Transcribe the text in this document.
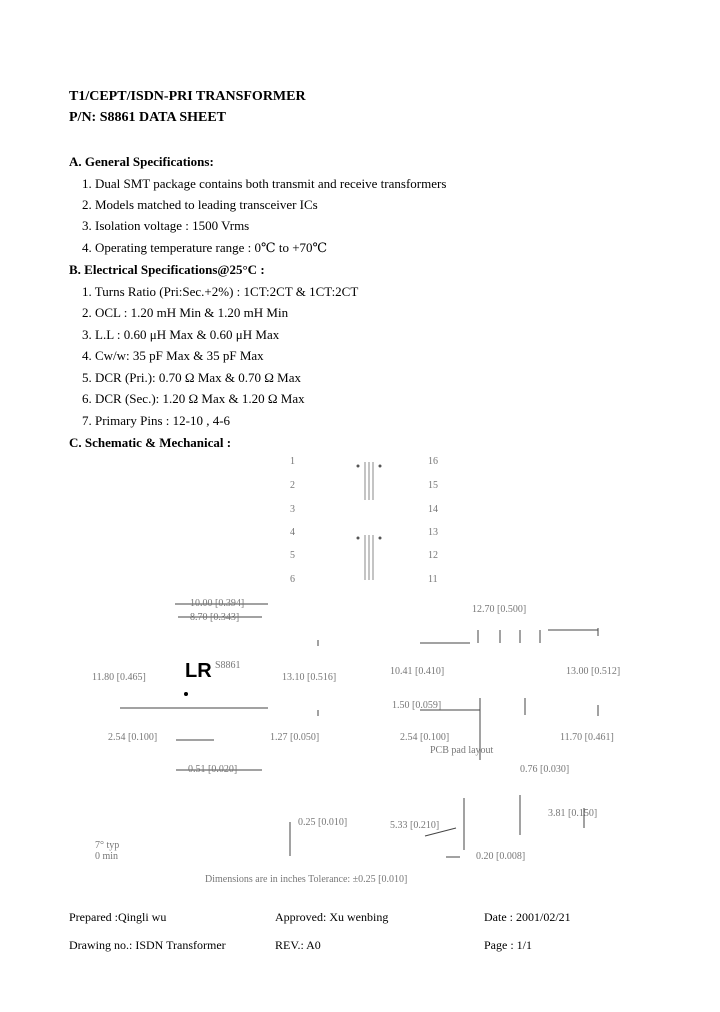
T1/CEPT/ISDN-PRI TRANSFORMER
P/N: S8861 DATA SHEET
A. General Specifications:
1. Dual SMT package contains both transmit and receive transformers
2. Models matched to leading transceiver ICs
3. Isolation voltage : 1500 Vrms
4. Operating temperature range : 0℃ to +70℃
B. Electrical Specifications@25°C :
1. Turns Ratio (Pri:Sec.+2%) : 1CT:2CT & 1CT:2CT
2. OCL : 1.20 mH Min & 1.20 mH Min
3. L.L : 0.60 μH Max & 0.60 μH Max
4. Cw/w: 35 pF Max & 35 pF Max
5. DCR (Pri.): 0.70 Ω Max & 0.70 Ω Max
6. DCR (Sec.): 1.20 Ω Max & 1.20 Ω Max
7. Primary Pins : 12-10 , 4-6
C. Schematic & Mechanical :
1
2
3
4
5
6
16
15
14
13
12
11
10.00 [0.394]
8.70 [0.343]
LR S8861
11.80 [0.465]	13.10 [0.516]
2.54 [0.100]	1.27 [0.050]
0.51 [0.020]
12.70 [0.500]
10.41 [0.410]	13.00 [0.512]
1.50 [0.059]
2.54 [0.100]	11.70 [0.461]
PCB pad layout
0.76 [0.030]
3.81 [0.150]
5.33 [0.210]
0.25 [0.010]
0.20 [0.008]
7° typ
0 min
Dimensions are in inches Tolerance: ±0.25 [0.010]
Prepared :Qingli wu	Approved: Xu wenbing	Date : 2001/02/21
Drawing no.: ISDN Transformer	REV.: A0	Page : 1/1
